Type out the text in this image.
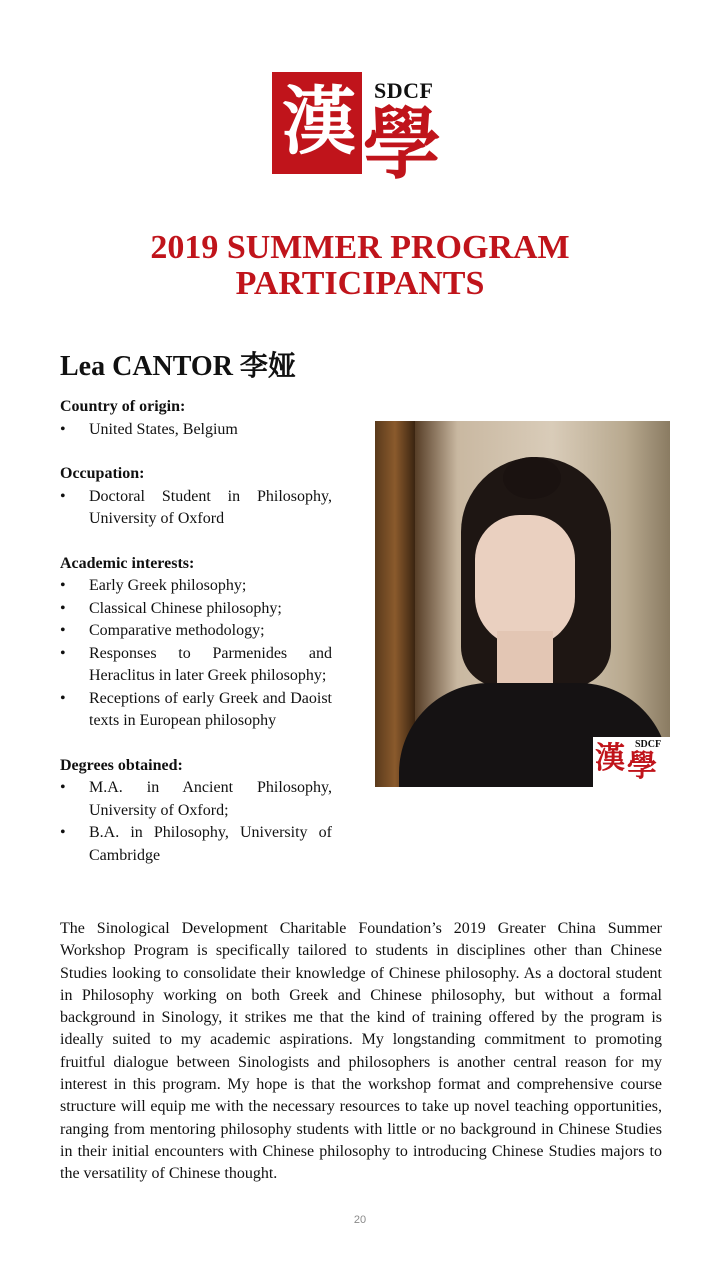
漢 學
SDCF
2019 SUMMER PROGRAM
PARTICIPANTS
Lea CANTOR 李娅

Country of origin:

• United States, Belgium

Occupation:

• Doctoral Student in Philosophy, University of Oxford

Academic interests:

• Early Greek philosophy;
• Classical Chinese philosophy;
• Comparative methodology;
• Responses to Parmenides and Heraclitus in later Greek philosophy;
• Receptions of early Greek and Daoist texts in European philosophy

Degrees obtained:

• M.A. in Ancient Philosophy, University of Oxford;
• B.A. in Philosophy, University of Cambridge
漢 學
SDCF

The Sinological Development Charitable Foundation’s 2019 Greater China Summer Workshop Program is specifically tailored to students in disciplines other than Chinese Studies looking to consolidate their knowledge of Chinese philosophy. As a doctoral student in Philosophy working on both Greek and Chinese philosophy, but without a formal background in Sinology, it strikes me that the kind of training offered by the program is ideally suited to my academic aspirations. My longstanding commitment to promoting fruitful dialogue between Sinologists and philosophers is another central reason for my interest in this program. My hope is that the workshop format and comprehensive course structure will equip me with the necessary resources to take up novel teaching opportunities, ranging from mentoring philosophy students with little or no background in Chinese Studies in their initial encounters with Chinese philosophy to introducing Chinese Studies majors to the versatility of Chinese thought.

20
